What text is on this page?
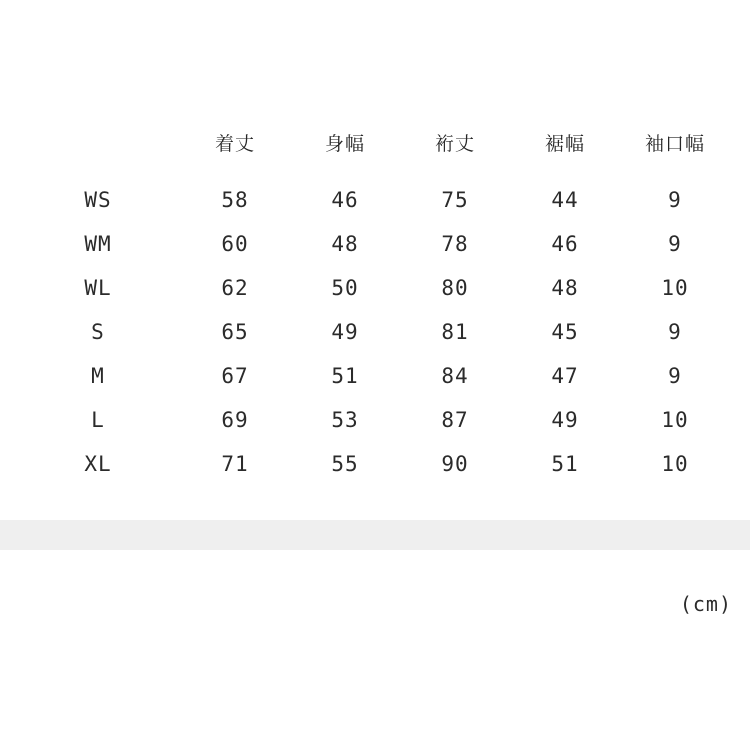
	着丈	身幅	裄丈	裾幅	袖口幅
WS	58	46	75	44	9
WM	60	48	78	46	9
WL	62	50	80	48	10
S	65	49	81	45	9
M	67	51	84	47	9
L	69	53	87	49	10
XL	71	55	90	51	10
(cm)
